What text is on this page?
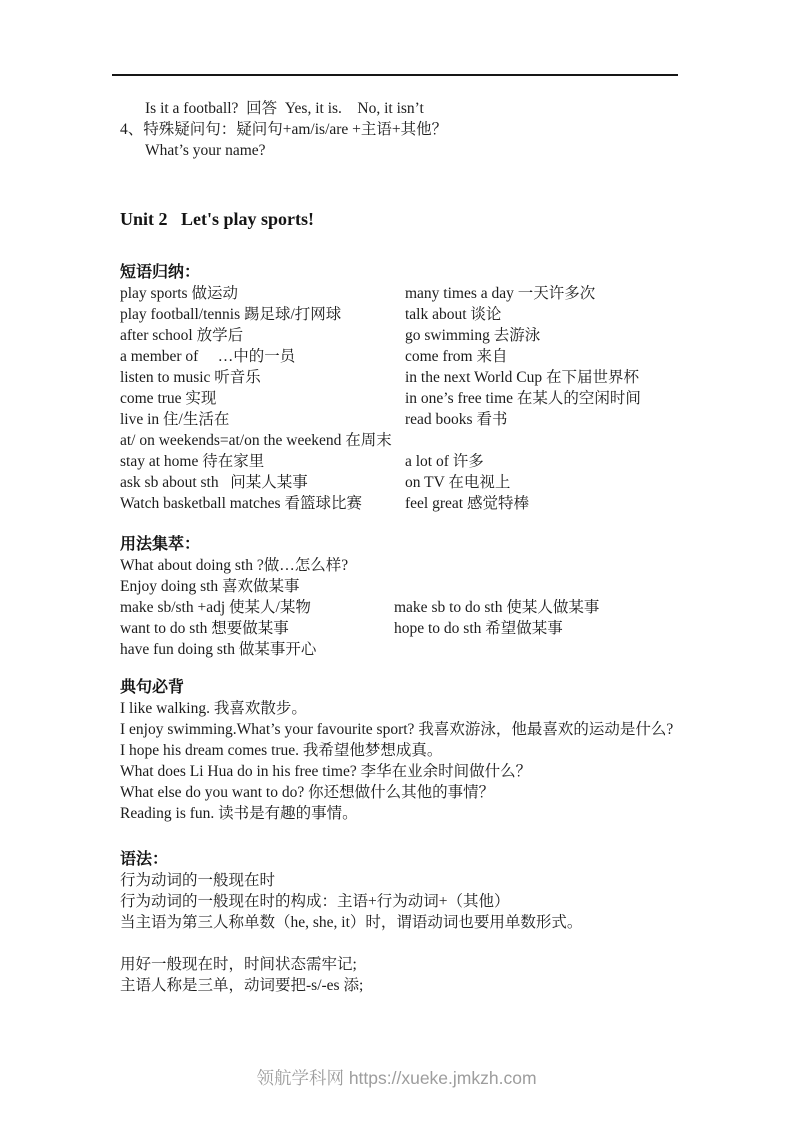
Is it a football?  回答  Yes, it is.    No, it isn’t

4、特殊疑问句：疑问句+am/is/are +主语+其他？

What’s your name?

Unit 2   Let's play sports!
短语归纳：
play sports 做运动	many times a day 一天许多次
play football/tennis 踢足球/打网球	talk about 谈论
after school 放学后	go swimming 去游泳
a member of     …中的一员	come from 来自
listen to music 听音乐	in the next World Cup 在下届世界杯
come true 实现	in one’s free time 在某人的空闲时间
live in 住/生活在	read books 看书
at/ on weekends=at/on the weekend 在周末
stay at home 待在家里	a lot of 许多
ask sb about sth   问某人某事	on TV 在电视上
Watch basketball matches 看篮球比赛	feel great 感觉特棒
用法集萃：
What about doing sth ?做…怎么样?
Enjoy doing sth 喜欢做某事
make sb/sth +adj 使某人/某物	make sb to do sth 使某人做某事
want to do sth 想要做某事	hope to do sth 希望做某事
have fun doing sth 做某事开心
典句必背

I like walking. 我喜欢散步。

I enjoy swimming.What’s your favourite sport? 我喜欢游泳，他最喜欢的运动是什么?

I hope his dream comes true. 我希望他梦想成真。

What does Li Hua do in his free time? 李华在业余时间做什么？

What else do you want to do? 你还想做什么其他的事情？

Reading is fun. 读书是有趣的事情。

语法：

行为动词的一般现在时

行为动词的一般现在时的构成：主语+行为动词+（其他）

当主语为第三人称单数（he, she, it）时，谓语动词也要用单数形式。

用好一般现在时，时间状态需牢记;

主语人称是三单，动词要把-s/-es 添;

领航学科网 https://xueke.jmkzh.com
